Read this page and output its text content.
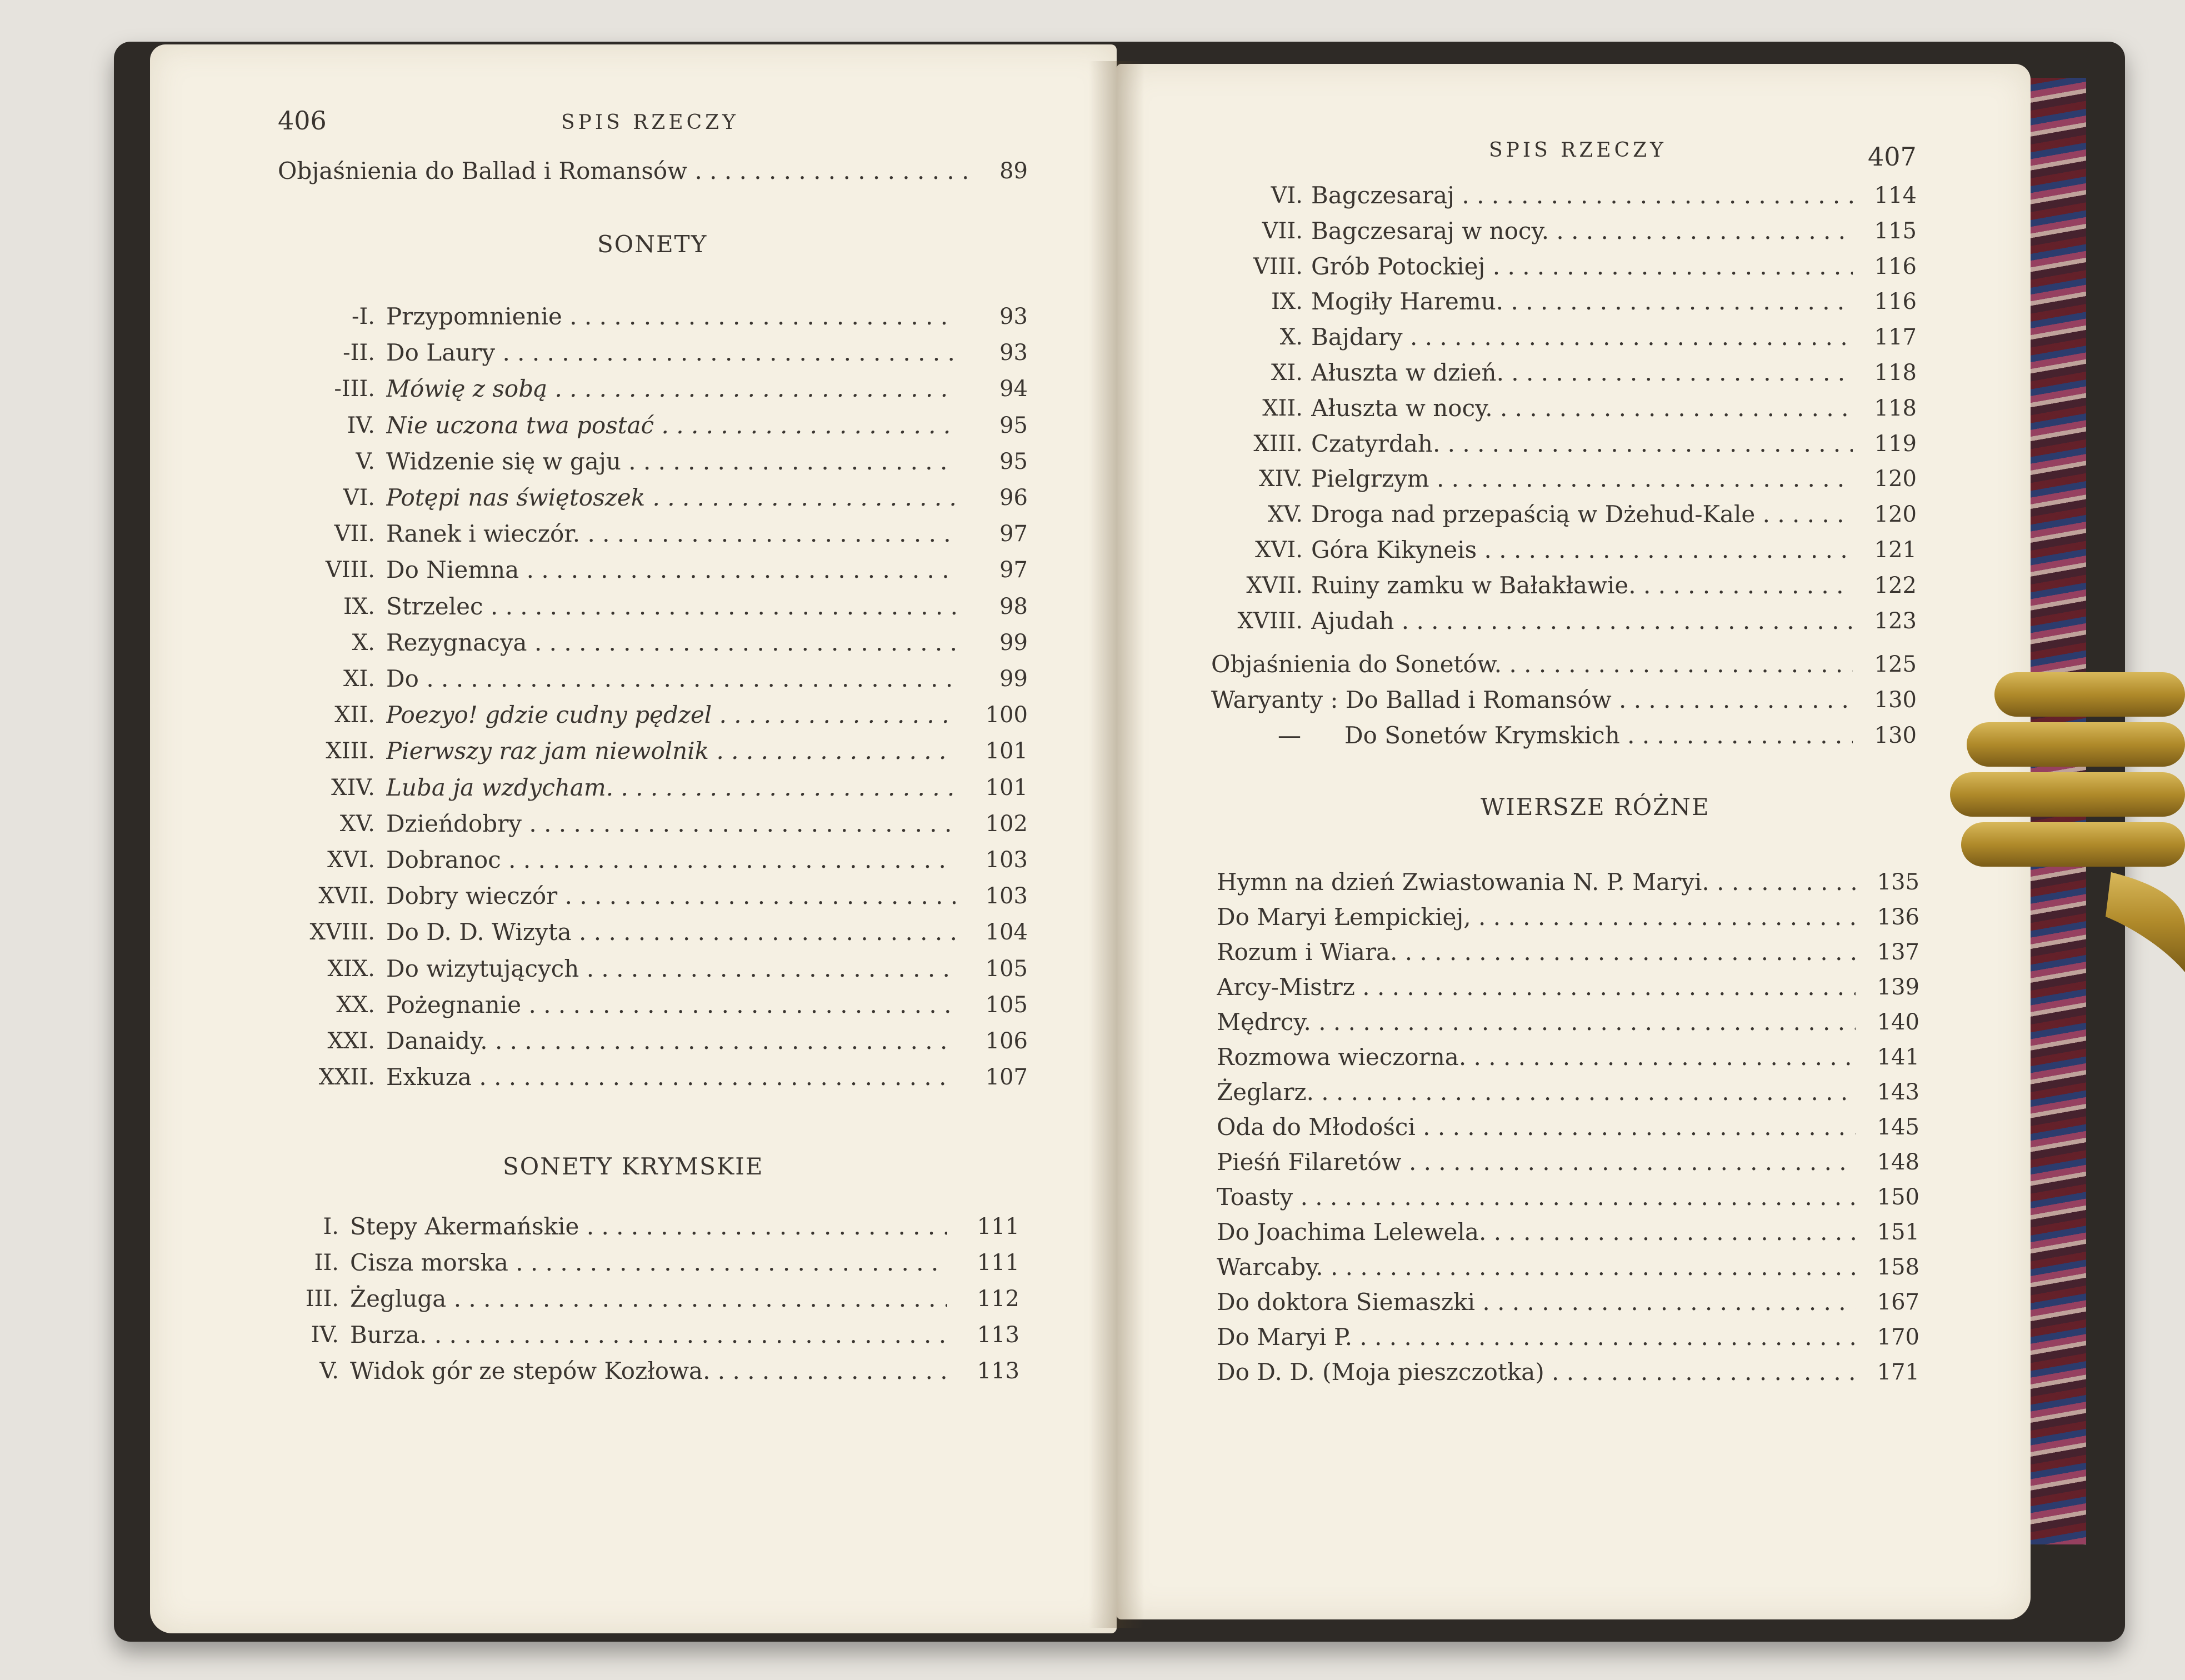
406	SPIS RZECZY
Objaśnienia do Ballad i Romansów . . .	89
SONETY
-I. Przypomnienie . . .	93
-II. Do Laury . . .	93
-III. Mówię z sobą . . .	94
IV. Nie uczona twa postać . . .	95
V. Widzenie się w gaju . . .	95
VI. Potępi nas świętoszek . . .	96
VII. Ranek i wieczór. . . .	97
VIII. Do Niemna . . .	97
IX. Strzelec . . .	98
X. Rezygnacya . . .	99
XI. Do . . .	99
XII. Poezyo! gdzie cudny pędzel . . .	100
XIII. Pierwszy raz jam niewolnik . . .	101
XIV. Luba ja wzdycham. . . .	101
XV. Dzieńdobry . . .	102
XVI. Dobranoc . . .	103
XVII. Dobry wieczór . . .	103
XVIII. Do D. D. Wizyta . . .	104
XIX. Do wizytujących . . .	105
XX. Pożegnanie . . .	105
XXI. Danaidy. . . .	106
XXII. Exkuza . . .	107
SONETY KRYMSKIE
I. Stepy Akermańskie . . .	111
II. Cisza morska . . .	111
III. Żegluga . . .	112
IV. Burza. . . .	113
V. Widok gór ze stepów Kozłowa. . . .	113
SPIS RZECZY	407
VI. Bagczesaraj . . .	114
VII. Bagczesaraj w nocy. . . .	115
VIII. Grób Potockiej . . .	116
IX. Mogiły Haremu. . . .	116
X. Bajdary . . .	117
XI. Ałuszta w dzień. . . .	118
XII. Ałuszta w nocy. . . .	118
XIII. Czatyrdah. . . .	119
XIV. Pielgrzym . . .	120
XV. Droga nad przepaścią w Dżehud-Kale . . .	120
XVI. Góra Kikyneis . . .	121
XVII. Ruiny zamku w Bałakławie. . . .	122
XVIII. Ajudah . . .	123
Objaśnienia do Sonetów. . . .	125
Waryanty : Do Ballad i Romansów . . .	130
— Do Sonetów Krymskich . . .	130
WIERSZE RÓŻNE
Hymn na dzień Zwiastowania N. P. Maryi. . . .	135
Do Maryi Łempickiej, . . .	136
Rozum i Wiara. . . .	137
Arcy-Mistrz . . .	139
Mędrcy. . . .	140
Rozmowa wieczorna. . . .	141
Żeglarz. . . .	143
Oda do Młodości . . .	145
Pieśń Filaretów . . .	148
Toasty . . .	150
Do Joachima Lelewela. . . .	151
Warcaby. . . .	158
Do doktora Siemaszki . . .	167
Do Maryi P. . . .	170
Do D. D. (Moja pieszczotka) . . .	171
